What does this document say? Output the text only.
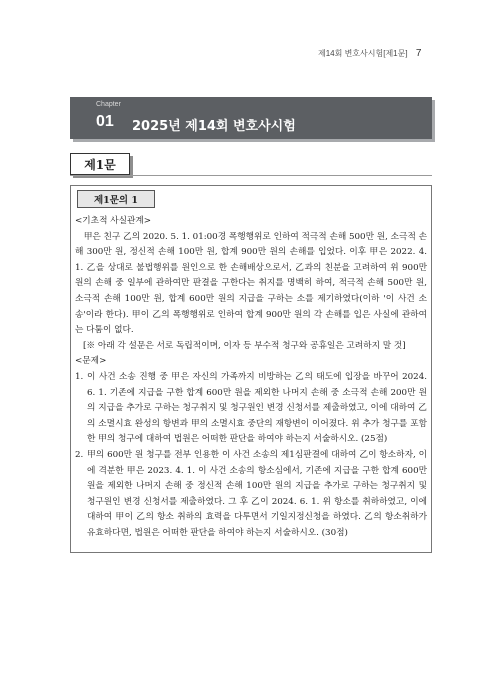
제14회 변호사시험[제1문] 7
Chapter
01 2025년 제14회 변호사시험
제1문
제1문의 1

<기초적 사실관계>

甲은 친구 乙의 2020. 5. 1. 01:00경 폭행행위로 인하여 적극적 손해 500만 원, 소극적 손해 300만 원, 정신적 손해 100만 원, 합계 900만 원의 손해를 입었다. 이후 甲은 2022. 4. 1. 乙을 상대로 불법행위를 원인으로 한 손해배상으로서, 乙과의 친분을 고려하여 위 900만 원의 손해 중 일부에 관하여만 판결을 구한다는 취지를 명백히 하여, 적극적 손해 500만 원, 소극적 손해 100만 원, 합계 600만 원의 지급을 구하는 소를 제기하였다(이하 '이 사건 소송'이라 한다). 甲이 乙의 폭행행위로 인하여 합계 900만 원의 각 손해를 입은 사실에 관하여는 다툼이 없다.

[※ 아래 각 설문은 서로 독립적이며, 이자 등 부수적 청구와 공휴일은 고려하지 말 것]

<문제>

1. 이 사건 소송 진행 중 甲은 자신의 가족까지 비방하는 乙의 태도에 입장을 바꾸어 2024. 6. 1. 기존에 지급을 구한 합계 600만 원을 제외한 나머지 손해 중 소극적 손해 200만 원의 지급을 추가로 구하는 청구취지 및 청구원인 변경 신청서를 제출하였고, 이에 대하여 乙의 소멸시효 완성의 항변과 甲의 소멸시효 중단의 재항변이 이어졌다. 위 추가 청구를 포함한 甲의 청구에 대하여 법원은 어떠한 판단을 하여야 하는지 서술하시오. (25점)
2. 甲의 600만 원 청구를 전부 인용한 이 사건 소송의 제1심판결에 대하여 乙이 항소하자, 이에 격분한 甲은 2023. 4. 1. 이 사건 소송의 항소심에서, 기존에 지급을 구한 합계 600만 원을 제외한 나머지 손해 중 정신적 손해 100만 원의 지급을 추가로 구하는 청구취지 및 청구원인 변경 신청서를 제출하였다. 그 후 乙이 2024. 6. 1. 위 항소를 취하하였고, 이에 대하여 甲이 乙의 항소 취하의 효력을 다투면서 기일지정신청을 하였다. 乙의 항소취하가 유효하다면, 법원은 어떠한 판단을 하여야 하는지 서술하시오. (30점)
